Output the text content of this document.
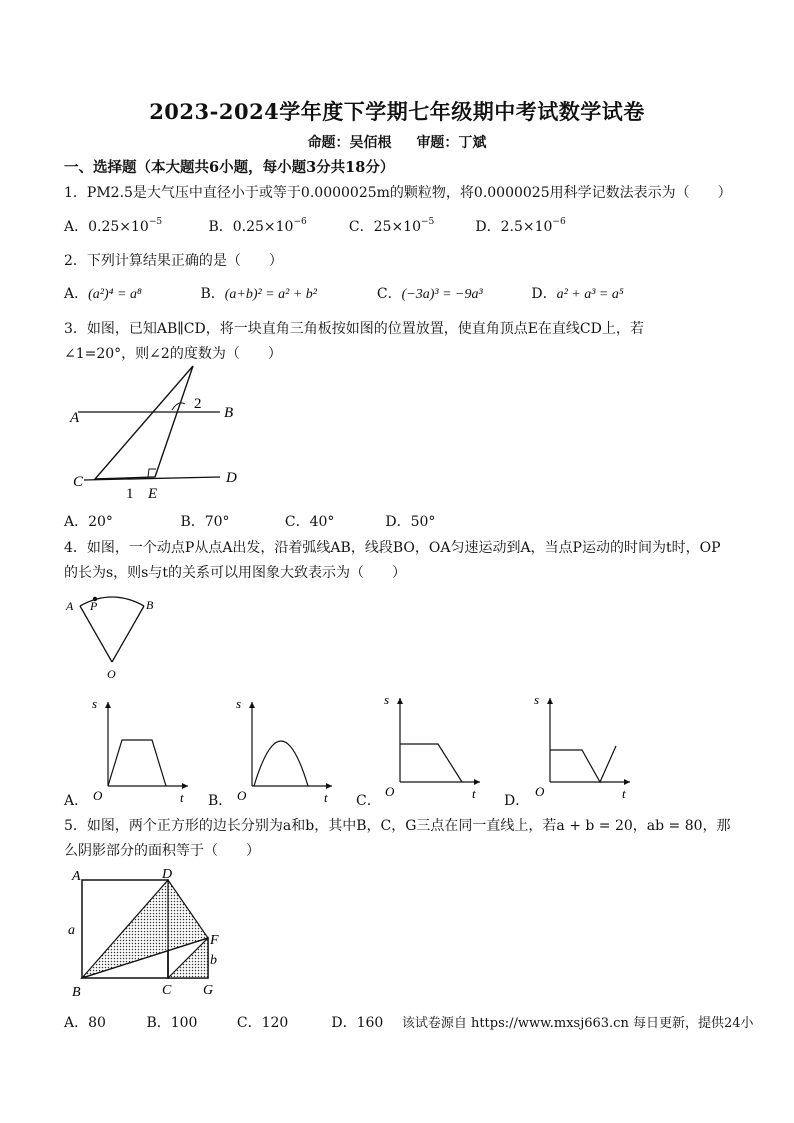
2023-2024学年度下学期七年级期中考试数学试卷
命题：吴佰根 审题：丁斌
一、选择题（本大题共6小题，每小题3分共18分）
1．PM2.5是大气压中直径小于或等于0.0000025m的颗粒物，将0.0000025用科学记数法表示为（　　）
A．$0.25\times 10^{-5}$	B．$0.25\times 10^{-6}$	C．$25\times 10^{-5}$	D．$2.5\times 10^{-6}$
2．下列计算结果正确的是（　　）
A．(a²)⁴ = a⁸	B．(a+b)² = a² + b²	C．(−3a)³ = −9a³	D．a² + a³ = a⁵
3．如图，已知AB∥CD，将一块直角三角板按如图的位置放置，使直角顶点E在直线CD上，若
∠1=20°，则∠2的度数为（　　）
A	B
C	D
E
1
2
A．20°	B．70°	C．40°	D．50°
4．如图，一个动点P从点A出发，沿着弧线AB，线段BO，OA匀速运动到A，当点P运动的时间为t时，OP
的长为s，则s与t的关系可以用图象大致表示为（　　）
A P	B
O
s
O	t
s
O	t
s
O	t
s
O	t
A．	B．	C．	D．
5．如图，两个正方形的边长分别为a和b，其中B，C，G三点在同一直线上，若a + b = 20，ab = 80，那
么阴影部分的面积等于（　　）
A	D
F
a
b
B	C G
A．80	B．100	C．120	D．160 该试卷源自 https://www.mxsj663.cn 每日更新，提供24小
